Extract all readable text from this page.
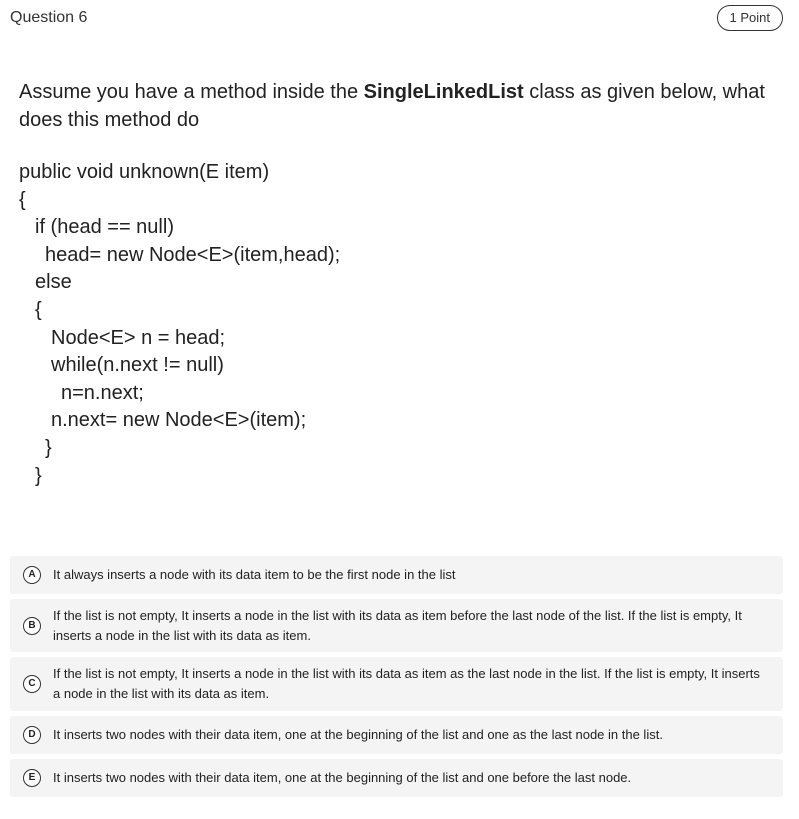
Question 6	1 Point

Assume you have a method inside the SingleLinkedList class as given below, what does this method do

public void unknown(E item)
{
if (head == null)
head= new Node<E>(item,head);
else
{
Node<E> n = head;
while(n.next != null)
n=n.next;
n.next= new Node<E>(item);
}
}
A	It always inserts a node with its data item to be the first node in the list
B
If the list is not empty, It inserts a node in the list with its data as item before the last node of the list. If the list is empty, It inserts a node in the list with its data as item.
C
If the list is not empty, It inserts a node in the list with its data as item as the last node in the list. If the list is empty, It inserts a node in the list with its data as item.
D	It inserts two nodes with their data item, one at the beginning of the list and one as the last node in the list.
E	It inserts two nodes with their data item, one at the beginning of the list and one before the last node.
